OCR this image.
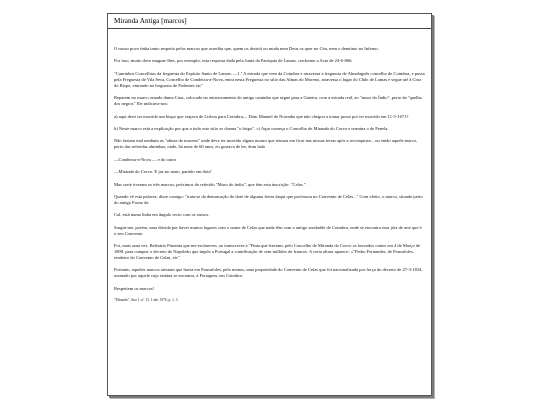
Miranda Antiga [marcos]

O nosso povo tinha tanto respeito pelos marcos que acredita que, quem os destrói ou muda nem Deus os quer no Céu, nem o demónio no Inferno.

Por isso, muito deve magoar-lhes, por exemplo, esta resposta dada pela Junta da Paróquia de Lamas, conforme a Acta de 24-6-866:

"Caminhos Concelhios da freguesia do Espírito Santo de Lamas: —1.º A estrada que vem da Coimbra e atravessa a freguesia de Almalaguês concelho de Coimbra, e passa pela Freguesia de Vila Seca, Concelho de Condeixa-a-Nova, entra nesta Freguesia no sítio das Almas do Moreno, atravessa o lugar do Chão de Lamas e segue até à Cruz do Bispo, entrando na freguesia de Podentes etc"

Reparem no marco ornado duma Cruz, colocado no entroncamento do antigo caminho que segue para a Gateira, com a estrada real, ao "muro do Índio", perto da "quelha dos negros" Ele indicava-nos:

a) aqui deve ter morrido um bispo que viajava de Lisboa para Coimbra— Dom Manuel de Noronha que não chegou a tomar posse por ter morrido em 11-5-1671?

b) Neste marco está a explicação por que a todo este sítio se chama "o bispo". c) Aqui começa o Concelho de Miranda do Corvo e termina o de Penela.

Não faziam mal nenhum as "almas do moreno" onde deve ter morrido algum mouro que teimou em ficar nas nossas terras após a reconquista... ou então aquele marco, perto das referidas alminhas, onde, há mais de 60 anos, eu gostava de ler, dum lado

—Condeixa-a-Nova — e do outro

—Miranda do Corvo. E jaz no mato, partido em dois!

Mas sorte tiveram os três marcos, próximos do referido "Muro do índio", que têm esta inscrição: "Celas ".

Quando vê esta palavra, disse comigo: "trata-se da demarcação do dote de alguma freira daqui que professou no Convento de Celas..." Com efeito, o marco, situado perto do antigo Forno da

Cal, está numa linha em ângulo recto com os outros.

Surgiu-me, porém, uma dúvida por haver muitos lugares com o nome de Celas que nada têm com o antigo arrabalde de Coimbra, onde se encontra essa jóia de arte que é o seu Convento.

Foi, mais uma vez, Belisário Pimenta que me esclareceu, ao transcrever a "Finta que fizeram, pelo Concelho de Miranda do Corvo os louvados cintos em 4 de Março de 1808, para cumprir o decreto de Napoleão que impôs a Portugal a contribuição de cem milhões de francos. A certa altura aparece: «"Pedro Fernandes, de Pousafoles, rendeiro do Convento de Celas, etc"

Portanto, aqueles marcos atestam que havia em Pousafoles, pelo menos, uma propriedade do Convento de Celas que foi nacionalizada por força do decreto de 27-3-1834, assinado por aquele cuja estátua se encontra, à Portagem, em Coimbra.

Respeitem os marcos!

"Miranda", Ano 1, nº 13. 1 abr, 1976, p. 1, 3
